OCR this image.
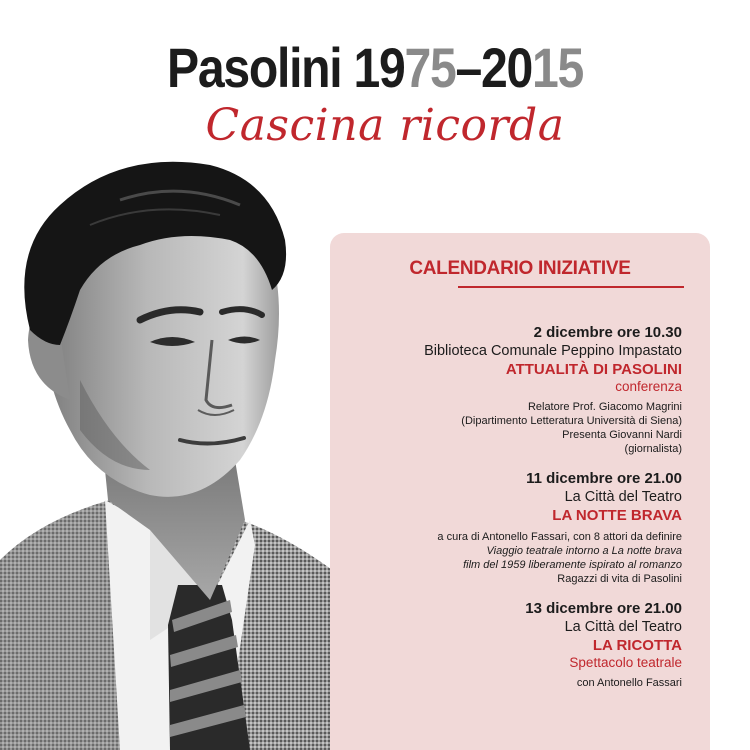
Pasolini 1975–2015
Cascina ricorda
CALENDARIO INIZIATIVE
2 dicembre ore 10.30
Biblioteca Comunale Peppino Impastato
ATTUALITÀ DI PASOLINI
conferenza
Relatore Prof. Giacomo Magrini
(Dipartimento Letteratura Università di Siena)
Presenta Giovanni Nardi
(giornalista)
11 dicembre ore 21.00
La Città del Teatro
LA NOTTE BRAVA
a cura di Antonello Fassari, con 8 attori da definire
Viaggio teatrale intorno a La notte brava
film del 1959 liberamente ispirato al romanzo
Ragazzi di vita di Pasolini
13 dicembre ore 21.00
La Città del Teatro
LA RICOTTA
Spettacolo teatrale
con Antonello Fassari
